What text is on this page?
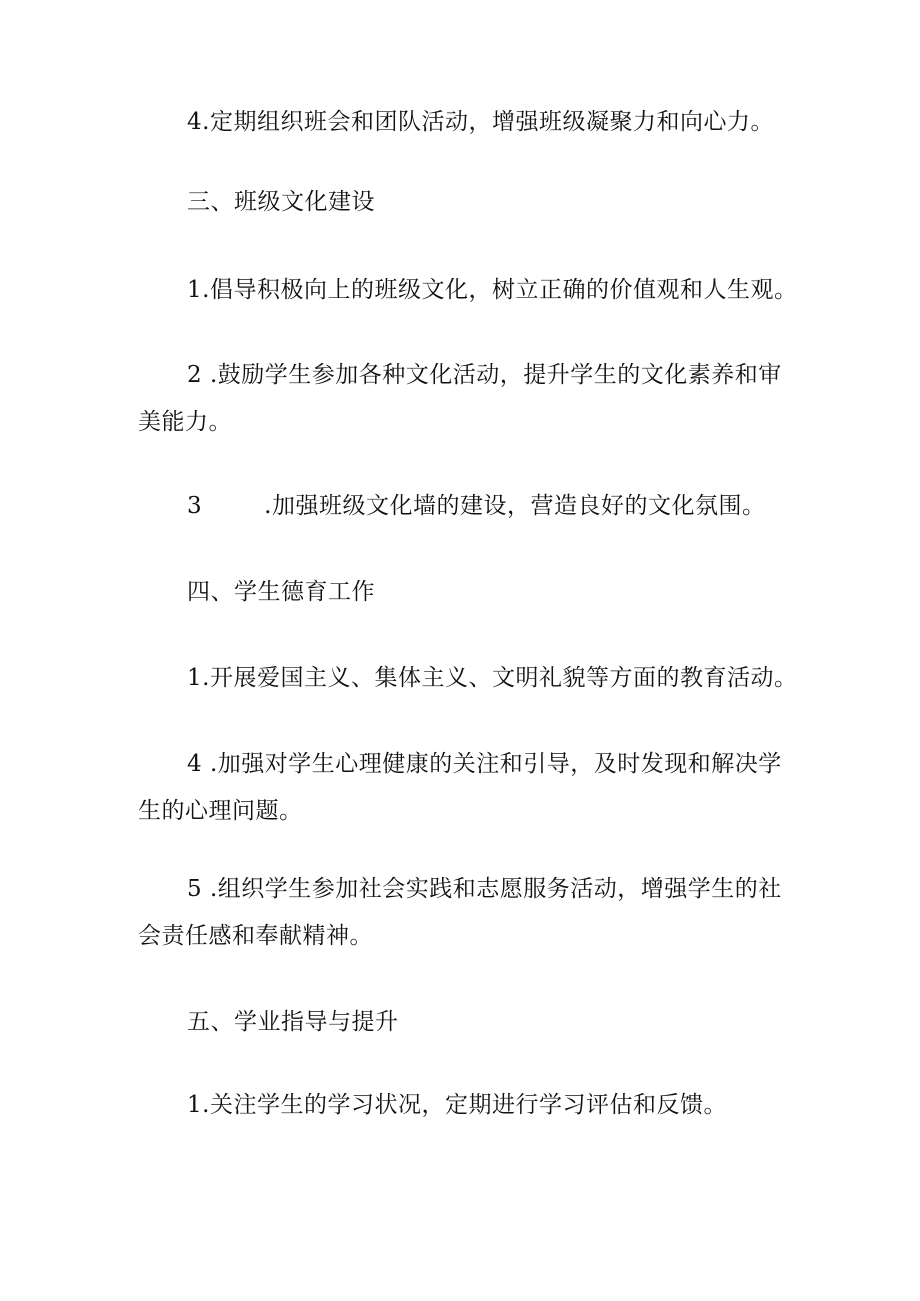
4.定期组织班会和团队活动，增强班级凝聚力和向心力。
三、班级文化建设
1.倡导积极向上的班级文化，树立正确的价值观和人生观。
2 .鼓励学生参加各种文化活动，提升学生的文化素养和审
美能力。
3	.加强班级文化墙的建设，营造良好的文化氛围。
四、学生德育工作
1.开展爱国主义、集体主义、文明礼貌等方面的教育活动。
4 .加强对学生心理健康的关注和引导，及时发现和解决学
生的心理问题。
5 .组织学生参加社会实践和志愿服务活动，增强学生的社
会责任感和奉献精神。
五、学业指导与提升
1.关注学生的学习状况，定期进行学习评估和反馈。
